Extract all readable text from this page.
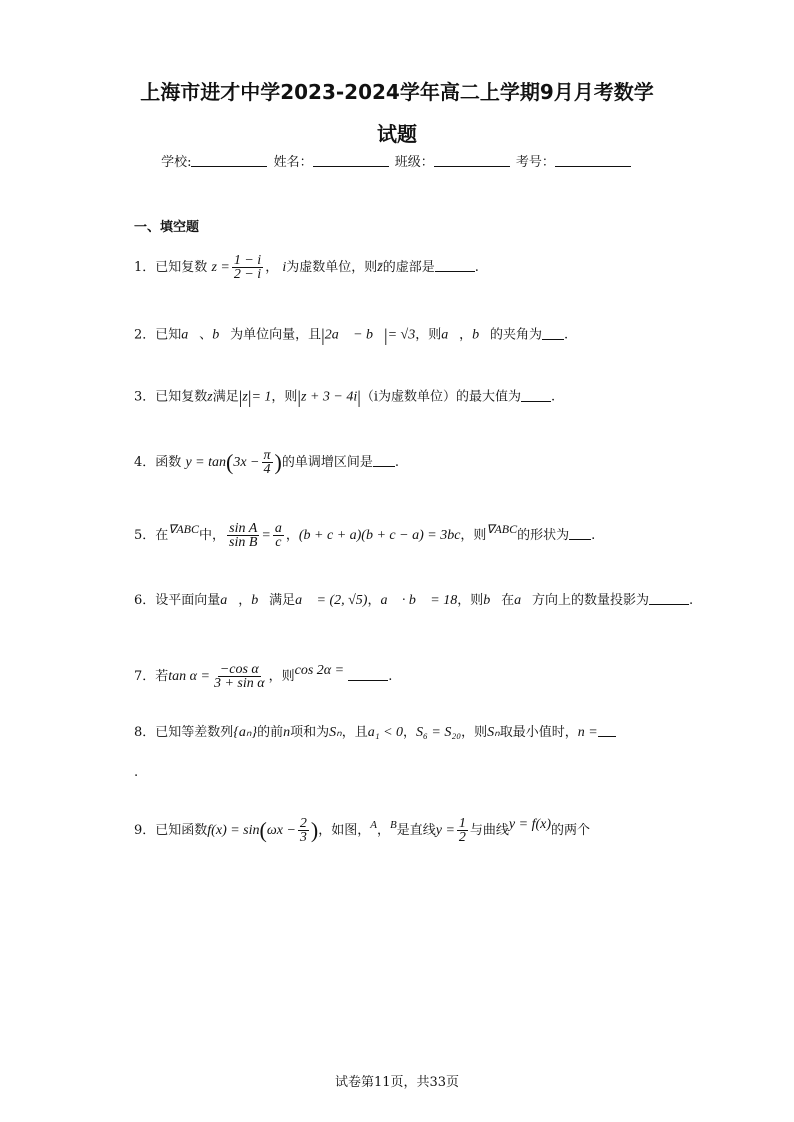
上海市进才中学2023-2024学年高二上学期9月月考数学
试题
学校:	姓名：	班级：	考号：
一、填空题
1．已知复数 $z = \frac{1 - i}{2 - i}$ ， i为虚数单位，则z̄的虚部是	.
2．已知a⃗、b⃗为单位向量，且|2a⃗ − b⃗|= √3，则a⃗，b⃗的夹角为 .
3．已知复数z满足|z|= 1，则|z + 3 − 4i|（i为虚数单位）的最大值为 .
4．函数 $y = \tan(3x - \frac{\pi}{4}$ )的单调增区间是 .
5．在∇ABC中， $\frac{\text{sin A}}{\text{sin B}} = \frac{a}{c}$ ，(b + c + a)(b + c − a) = 3bc，则∇ABC的形状为 .
6．设平面向量a⃗，b⃗满足a⃗ = (2, √5)，a⃗ · b⃗ = 18，则b⃗在a⃗方向上的数量投影为	.
7．若$\tan \alpha = \frac{\text{−cos α}}{\text{3 + sin α}}$ ，则cos 2α =	.
8．已知等差数列{aₙ}的前n项和为Sₙ，且a₁ < 0，S₆ = S₂₀，则Sₙ取最小值时，n =
.
9．已知函数$f(x) = \sin(\omega x - \frac{2}{3}$ )，如图，$^A$，$^B$是直线$y = \frac{1}{2}$ 与曲线y = f(x)的两个
试卷第11页，共33页
